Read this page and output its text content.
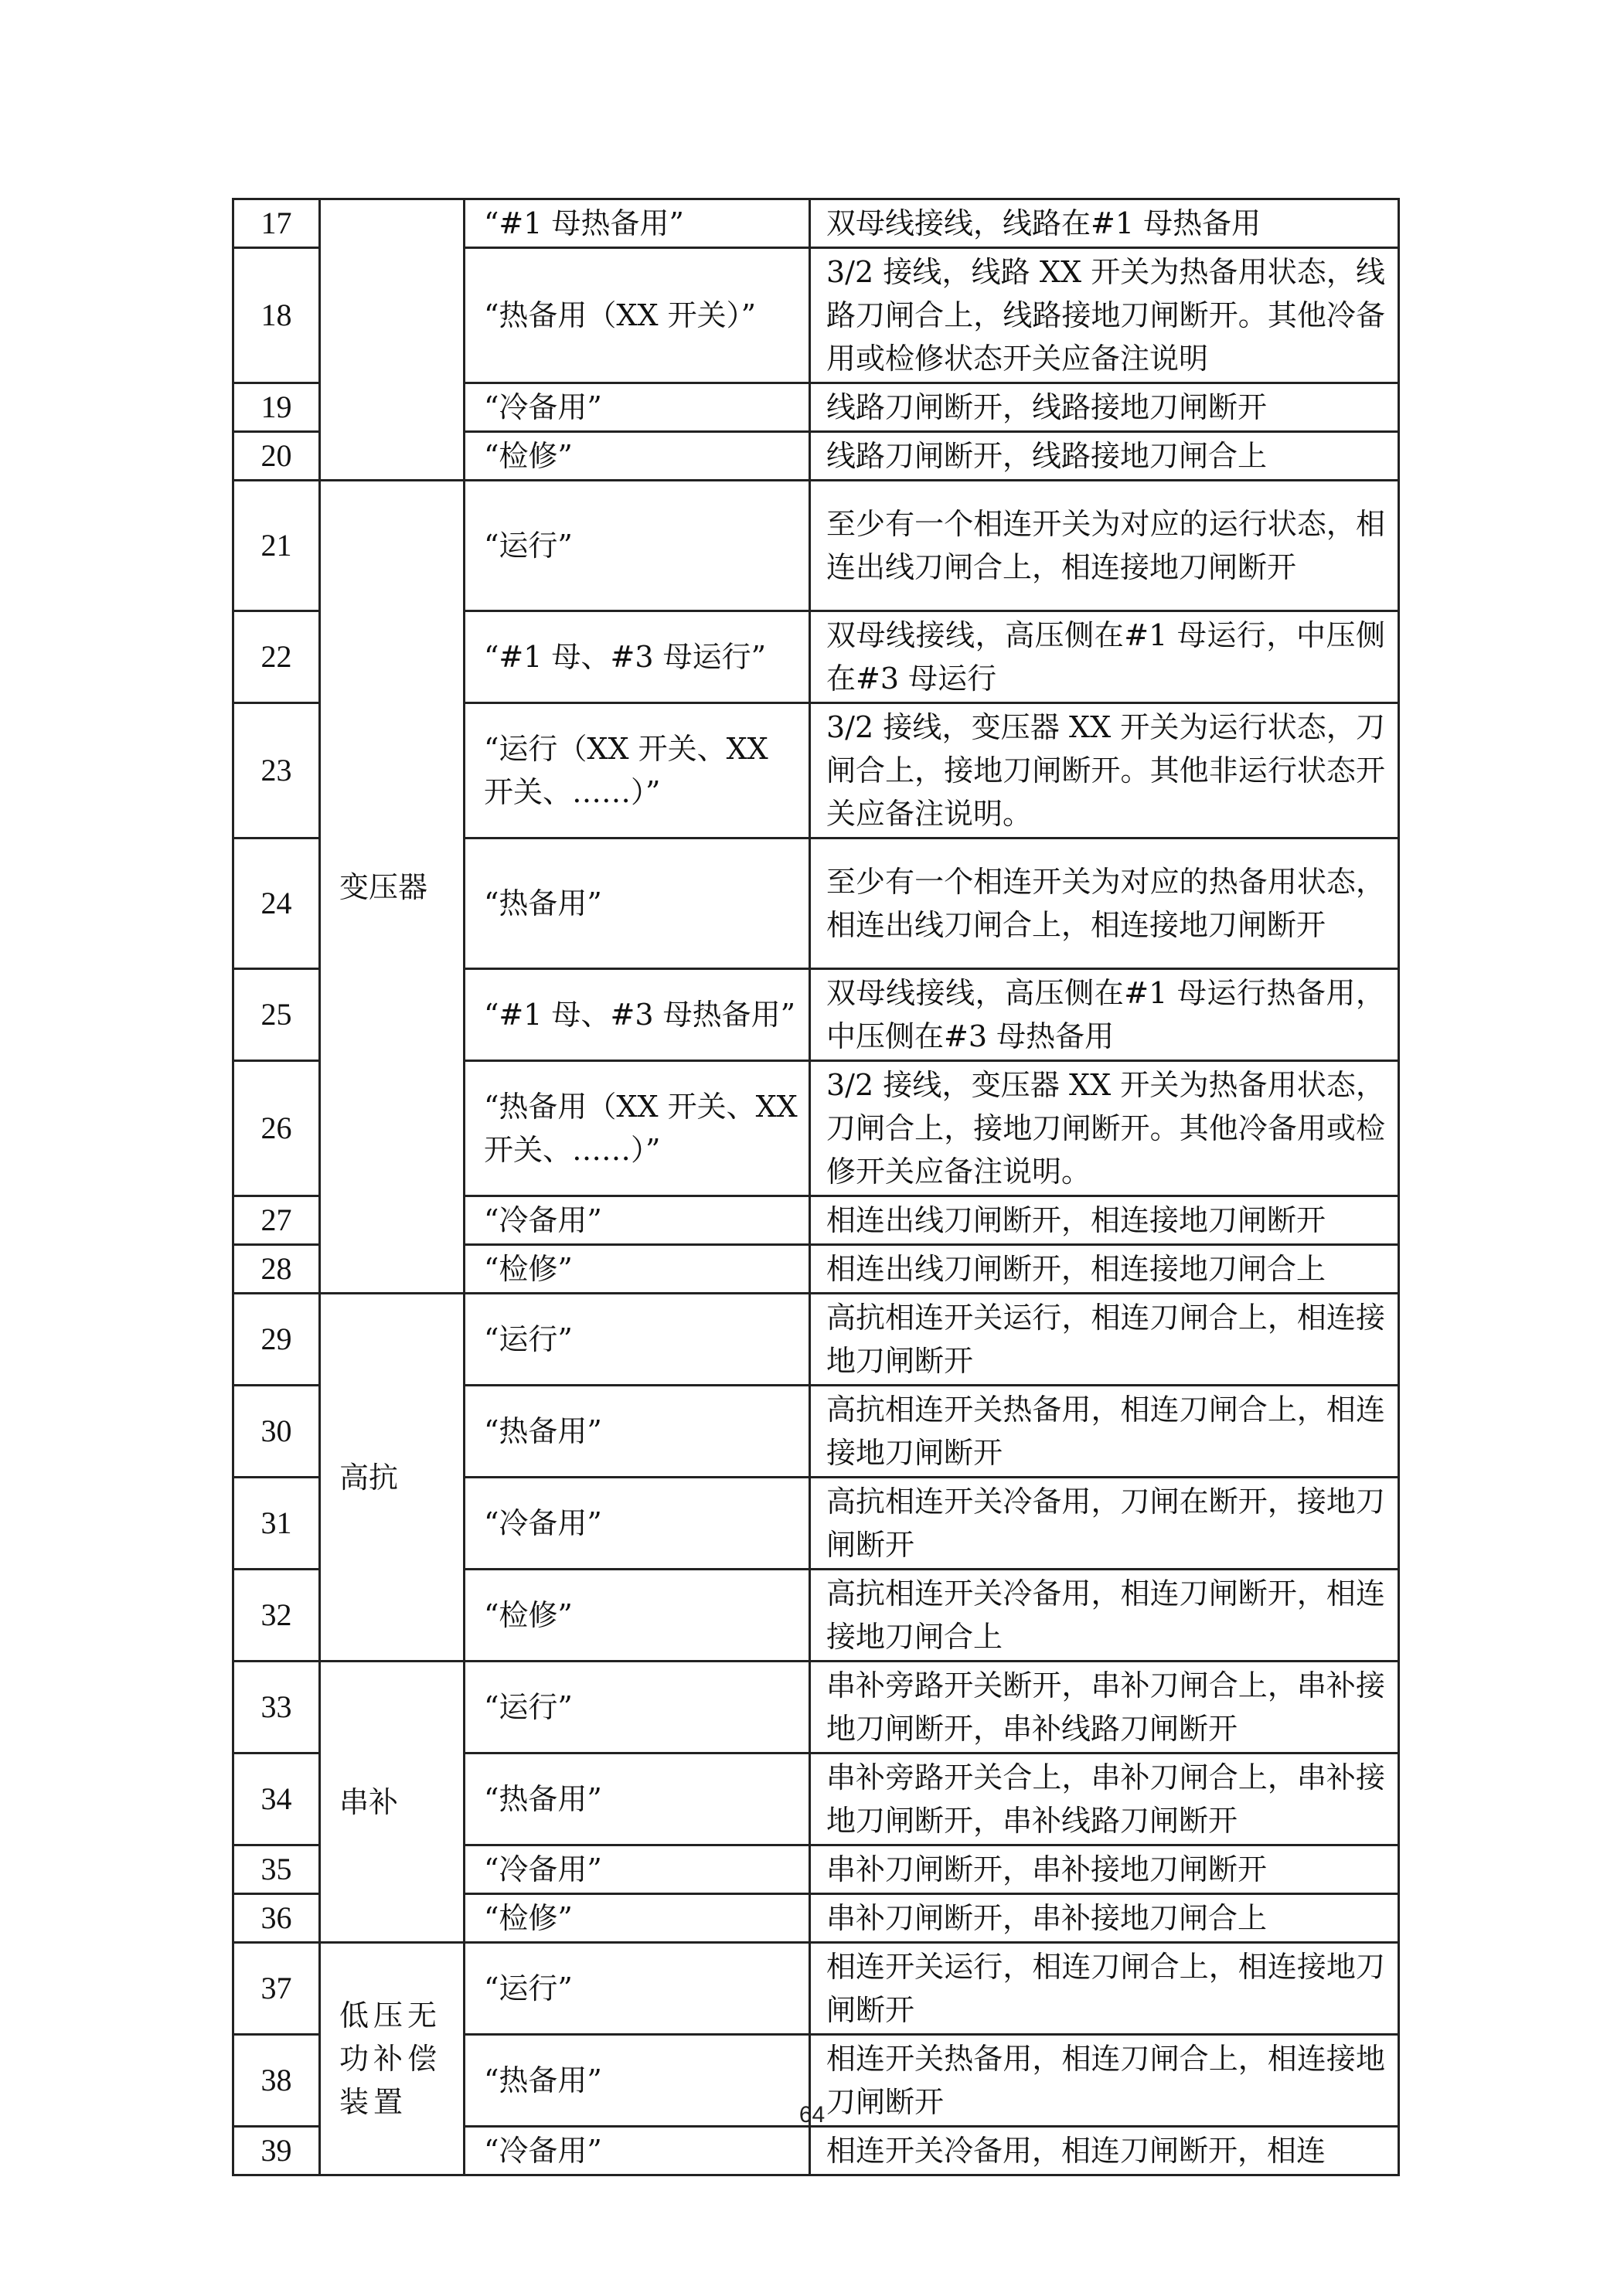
17		“#1 母热备用”	双母线接线，线路在#1 母热备用
18		“热备用（XX 开关）”	3/2 接线，线路 XX 开关为热备用状态，线路刀闸合上，线路接地刀闸断开。其他冷备用或检修状态开关应备注说明
19		“冷备用”	线路刀闸断开，线路接地刀闸断开
20		“检修”	线路刀闸断开，线路接地刀闸合上
21	变压器	“运行”	至少有一个相连开关为对应的运行状态，相连出线刀闸合上，相连接地刀闸断开
22		“#1 母、#3 母运行”	双母线接线，高压侧在#1 母运行，中压侧在#3 母运行
23		“运行（XX 开关、XX 开关、……）”	3/2 接线，变压器 XX 开关为运行状态，刀闸合上，接地刀闸断开。其他非运行状态开关应备注说明。
24		“热备用”	至少有一个相连开关为对应的热备用状态，相连出线刀闸合上，相连接地刀闸断开
25		“#1 母、#3 母热备用”	双母线接线，高压侧在#1 母运行热备用，中压侧在#3 母热备用
26		“热备用（XX 开关、XX 开关、……）”	3/2 接线，变压器 XX 开关为热备用状态，刀闸合上，接地刀闸断开。其他冷备用或检修开关应备注说明。
27		“冷备用”	相连出线刀闸断开，相连接地刀闸断开
28		“检修”	相连出线刀闸断开，相连接地刀闸合上
29	高抗	“运行”	高抗相连开关运行，相连刀闸合上，相连接地刀闸断开
30		“热备用”	高抗相连开关热备用，相连刀闸合上，相连接地刀闸断开
31		“冷备用”	高抗相连开关冷备用，刀闸在断开，接地刀闸断开
32		“检修”	高抗相连开关冷备用，相连刀闸断开，相连接地刀闸合上
33	串补	“运行”	串补旁路开关断开，串补刀闸合上，串补接地刀闸断开，串补线路刀闸断开
34		“热备用”	串补旁路开关合上，串补刀闸合上，串补接地刀闸断开，串补线路刀闸断开
35		“冷备用”	串补刀闸断开，串补接地刀闸断开
36		“检修”	串补刀闸断开，串补接地刀闸合上
37	低压无功补偿装置	“运行”	相连开关运行，相连刀闸合上，相连接地刀闸断开
38		“热备用”	相连开关热备用，相连刀闸合上，相连接地刀闸断开
39		“冷备用”	相连开关冷备用，相连刀闸断开，相连
64
